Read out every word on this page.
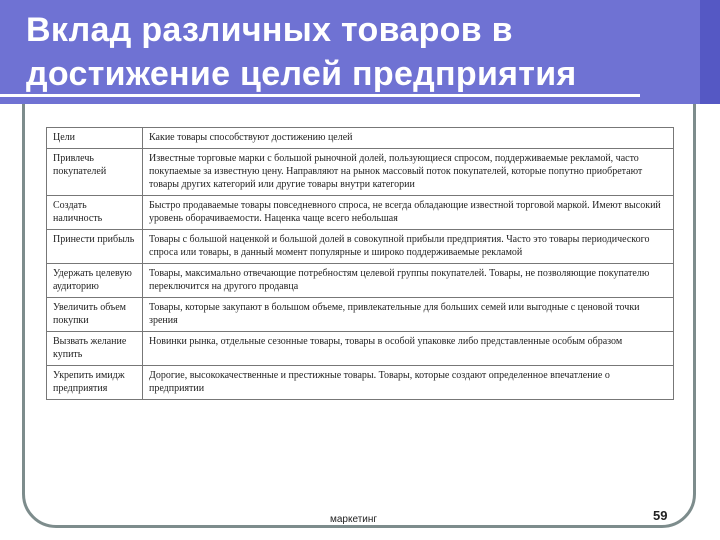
Вклад различных товаров в
достижение целей предприятия
Цели	Какие товары способствуют достижению целей
Привлечь покупателей	Известные торговые марки с большой рыночной долей, пользующиеся спросом, поддерживаемые рекламой, часто покупаемые за известную цену. Направляют на рынок массовый поток покупателей, которые попутно приобретают товары других категорий или другие товары внутри категории
Создать наличность	Быстро продаваемые товары повседневного спроса, не всегда обладающие известной торговой маркой. Имеют высокий уровень оборачиваемости. Наценка чаще всего небольшая
Принести прибыль	Товары с большой наценкой и большой долей в совокупной прибыли предприятия. Часто это товары периодического спроса или товары, в данный момент популярные и широко поддерживаемые рекламой
Удержать целевую аудиторию	Товары, максимально отвечающие потребностям целевой группы покупателей. Товары, не позволяющие покупателю переключится на другого продавца
Увеличить объем покупки	Товары, которые закупают в большом объеме, привлекательные для больших семей или выгодные с ценовой точки зрения
Вызвать желание купить	Новинки рынка, отдельные сезонные товары, товары в особой упаковке либо представленные особым образом
Укрепить имидж предприятия	Дорогие, высококачественные и престижные товары. Товары, которые создают определенное впечатление о предприятии
маркетинг	59
